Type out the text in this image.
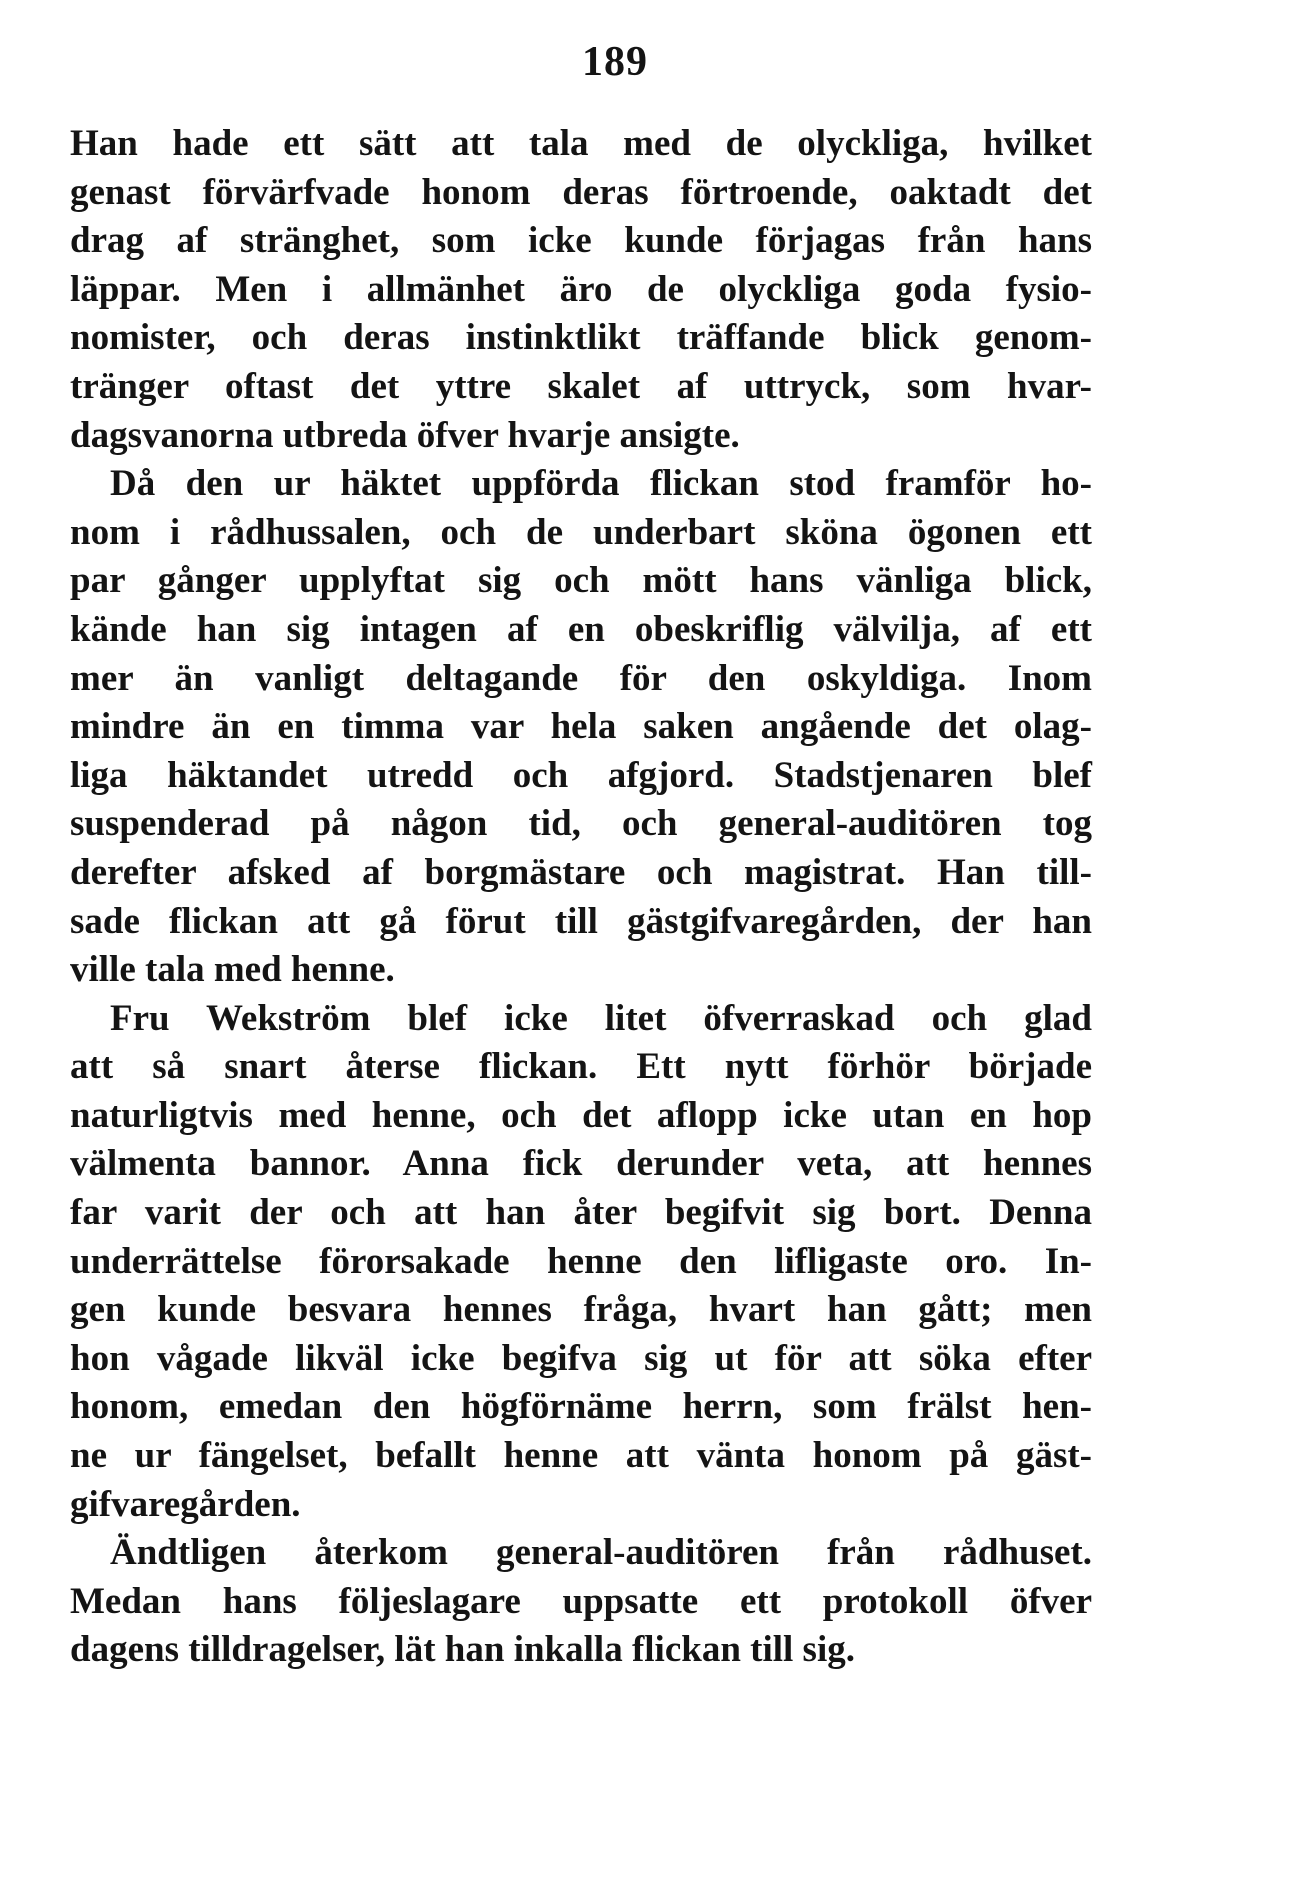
189
Han hade ett sätt att tala med de olyckliga, hvilket
genast förvärfvade honom deras förtroende, oaktadt det
drag af stränghet, som icke kunde förjagas från hans
läppar. Men i allmänhet äro de olyckliga goda fysio-
nomister, och deras instinktlikt träffande blick genom-
tränger oftast det yttre skalet af uttryck, som hvar-
dagsvanorna utbreda öfver hvarje ansigte.
Då den ur häktet uppförda flickan stod framför ho-
nom i rådhussalen, och de underbart sköna ögonen ett
par gånger upplyftat sig och mött hans vänliga blick,
kände han sig intagen af en obeskriflig välvilja, af ett
mer än vanligt deltagande för den oskyldiga. Inom
mindre än en timma var hela saken angående det olag-
liga häktandet utredd och afgjord. Stadstjenaren blef
suspenderad på någon tid, och general-auditören tog
derefter afsked af borgmästare och magistrat. Han till-
sade flickan att gå förut till gästgifvaregården, der han
ville tala med henne.
Fru Wekström blef icke litet öfverraskad och glad
att så snart återse flickan. Ett nytt förhör började
naturligtvis med henne, och det aflopp icke utan en hop
välmenta bannor. Anna fick derunder veta, att hennes
far varit der och att han åter begifvit sig bort. Denna
underrättelse förorsakade henne den lifligaste oro. In-
gen kunde besvara hennes fråga, hvart han gått; men
hon vågade likväl icke begifva sig ut för att söka efter
honom, emedan den högförnäme herrn, som frälst hen-
ne ur fängelset, befallt henne att vänta honom på gäst-
gifvaregården.
Ändtligen återkom general-auditören från rådhuset.
Medan hans följeslagare uppsatte ett protokoll öfver
dagens tilldragelser, lät han inkalla flickan till sig.
